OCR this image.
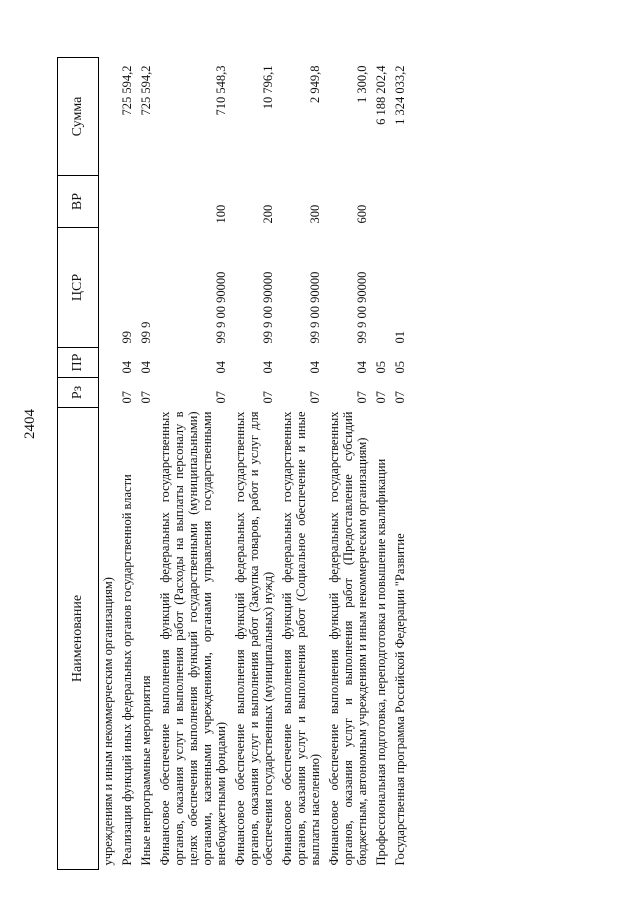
2404
Наименование	Рз	ПР	ЦСР	ВР	Сумма
учреждениям и иным некоммерческим организациям)					
Реализация функций иных федеральных органов государственной власти	07	04	99		725 594,2
Иные непрограммные мероприятия	07	04	99 9		725 594,2
Финансовое обеспечение выполнения функций федеральных государственных органов, оказания услуг и выполнения работ (Расходы на выплаты персоналу в целях обеспечения выполнения функций государственными (муниципальными) органами, казенными учреждениями, органами управления государственными внебюджетными фондами)	07	04	99 9 00 90000	100	710 548,3
Финансовое обеспечение выполнения функций федеральных государственных органов, оказания услуг и выполнения работ (Закупка товаров, работ и услуг для обеспечения государственных (муниципальных) нужд)	07	04	99 9 00 90000	200	10 796,1
Финансовое обеспечение выполнения функций федеральных государственных органов, оказания услуг и выполнения работ (Социальное обеспечение и иные выплаты населению)	07	04	99 9 00 90000	300	2 949,8
Финансовое обеспечение выполнения функций федеральных государственных органов, оказания услуг и выполнения работ (Предоставление субсидий бюджетным, автономным учреждениям и иным некоммерческим организациям)	07	04	99 9 00 90000	600	1 300,0
Профессиональная подготовка, переподготовка и повышение квалификации	07	05			6 188 202,4
Государственная программа Российской Федерации "Развитие	07	05	01		1 324 033,2
